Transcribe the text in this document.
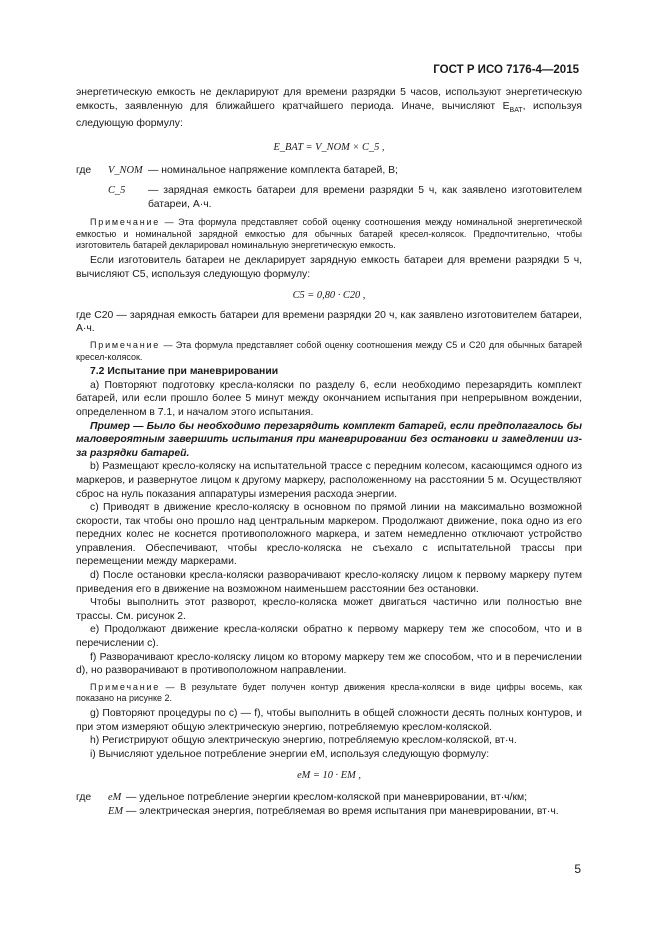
ГОСТ Р ИСО 7176-4—2015

энергетическую емкость не декларируют для времени разрядки 5 часов, используют энергетическую емкость, заявленную для ближайшего кратчайшего периода. Иначе, вычисляют $E_{BAT}$, используя следующую формулу:

E_BAT = V_NOM × C_5 ,
где	V_NOM — номинальное напряжение комплекта батарей, В;
C_5	— зарядная емкость батареи для времени разрядки 5 ч, как заявлено изготовителем батареи, А·ч.
Примечание — Эта формула представляет собой оценку соотношения между номинальной энергетической емкостью и номинальной зарядной емкостью для обычных батарей кресел-колясок. Предпочтительно, чтобы изготовитель батарей декларировал номинальную энергетическую емкость.

Если изготовитель батареи не декларирует зарядную емкость батареи для времени разрядки 5 ч, вычисляют C5, используя следующую формулу:

C5 = 0,80 · C20 ,

где C20 — зарядная емкость батареи для времени разрядки 20 ч, как заявлено изготовителем батареи, А·ч.

Примечание — Эта формула представляет собой оценку соотношения между C5 и C20 для обычных батарей кресел-колясок.

7.2 Испытание при маневрировании

a) Повторяют подготовку кресла-коляски по разделу 6, если необходимо перезарядить комплект батарей, или если прошло более 5 минут между окончанием испытания при непрерывном вождении, определенном в 7.1, и началом этого испытания.

Пример — Было бы необходимо перезарядить комплект батарей, если предполагалось бы маловероятным завершить испытания при маневрировании без остановки и замедлении из-за разрядки батарей.

b) Размещают кресло-коляску на испытательной трассе с передним колесом, касающимся одного из маркеров, и развернутое лицом к другому маркеру, расположенному на расстоянии 5 м. Осуществляют сброс на нуль показания аппаратуры измерения расхода энергии.

c) Приводят в движение кресло-коляску в основном по прямой линии на максимально возможной скорости, так чтобы оно прошло над центральным маркером. Продолжают движение, пока одно из его передних колес не коснется противоположного маркера, и затем немедленно отключают устройство управления. Обеспечивают, чтобы кресло-коляска не съехало с испытательной трассы при перемещении между маркерами.

d) После остановки кресла-коляски разворачивают кресло-коляску лицом к первому маркеру путем приведения его в движение на возможном наименьшем расстоянии без остановки.

Чтобы выполнить этот разворот, кресло-коляска может двигаться частично или полностью вне трассы. См. рисунок 2.

e) Продолжают движение кресла-коляски обратно к первому маркеру тем же способом, что и в перечислении c).

f) Разворачивают кресло-коляску лицом ко второму маркеру тем же способом, что и в перечислении d), но разворачивают в противоположном направлении.

Примечание — В результате будет получен контур движения кресла-коляски в виде цифры восемь, как показано на рисунке 2.

g) Повторяют процедуры по c) — f), чтобы выполнить в общей сложности десять полных контуров, и при этом измеряют общую электрическую энергию, потребляемую креслом-коляской.

h) Регистрируют общую электрическую энергию, потребляемую креслом-коляской, вт·ч.

i) Вычисляют удельное потребление энергии eM, используя следующую формулу:

eM = 10 · EM ,
где	eM — удельное потребление энергии креслом-коляской при маневрировании, вт·ч/км;
EM — электрическая энергия, потребляемая во время испытания при маневрировании, вт·ч.
5
